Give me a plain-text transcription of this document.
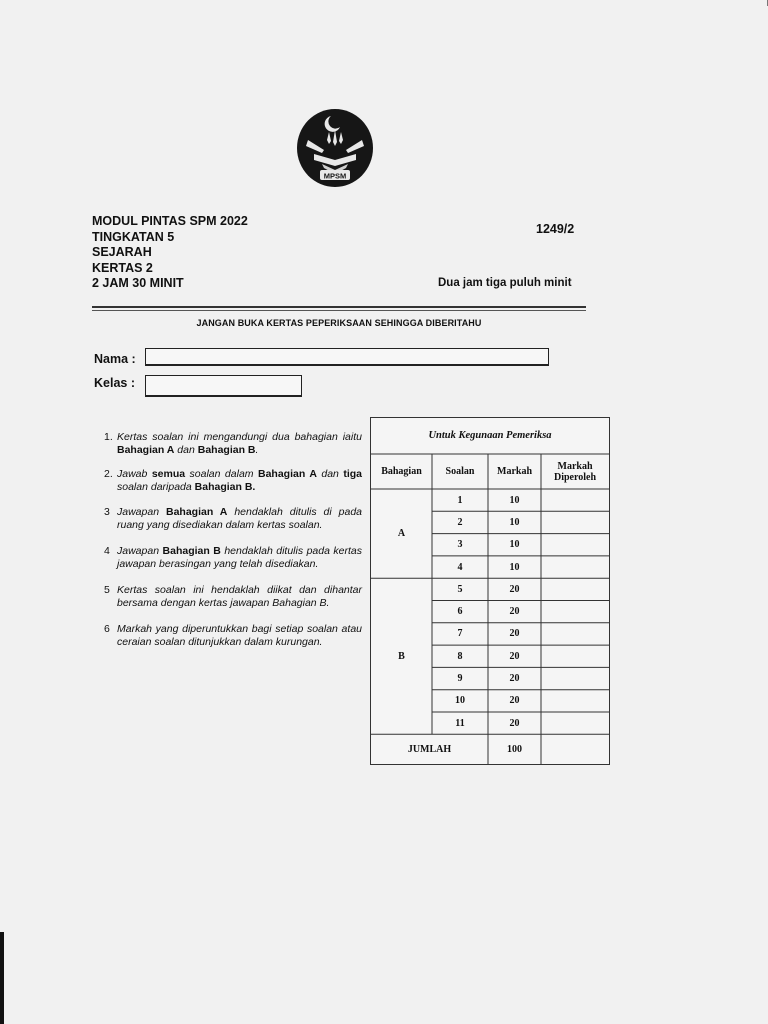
MPSM
MODUL PINTAS SPM 2022
TINGKATAN 5
SEJARAH
KERTAS 2
2 JAM 30 MINIT
1249/2
Dua jam tiga puluh minit
JANGAN BUKA KERTAS PEPERIKSAAN SEHINGGA DIBERITAHU
Nama :
Kelas :
1. Kertas soalan ini mengandungi dua bahagian iaitu Bahagian A dan Bahagian B.
2. Jawab semua soalan dalam Bahagian A dan tiga soalan daripada Bahagian B.
3 Jawapan Bahagian A hendaklah ditulis di pada ruang yang disediakan dalam kertas soalan.
4 Jawapan Bahagian B hendaklah ditulis pada kertas jawapan berasingan yang telah disediakan.
5 Kertas soalan ini hendaklah diikat dan dihantar bersama dengan kertas jawapan Bahagian B.
6 Markah yang diperuntukkan bagi setiap soalan atau ceraian soalan ditunjukkan dalam kurungan.
Untuk Kegunaan Pemeriksa
Bahagian	Soalan	Markah	Markah Diperoleh
A
1	10
2	10
3	10
4	10
B
5	20
6	20
7	20
8	20
9	20
10	20
11	20
JUMLAH	100
